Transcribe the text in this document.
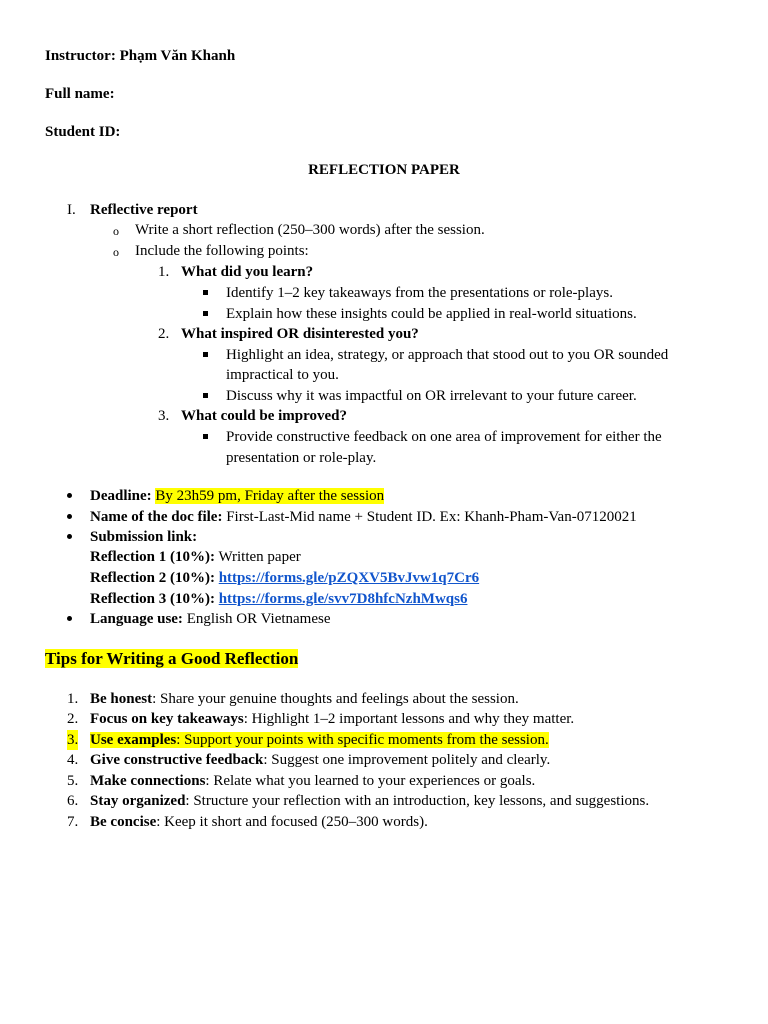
Instructor: Phạm Văn Khanh
Full name:
Student ID:
REFLECTION PAPER
I. Reflective report
o Write a short reflection (250–300 words) after the session.
o Include the following points:
1. What did you learn?
Identify 1–2 key takeaways from the presentations or role-plays.
Explain how these insights could be applied in real-world situations.
2. What inspired OR disinterested you?
Highlight an idea, strategy, or approach that stood out to you OR sounded
impractical to you.
Discuss why it was impactful on OR irrelevant to your future career.
3. What could be improved?
Provide constructive feedback on one area of improvement for either the
presentation or role-play.
Deadline: By 23h59 pm, Friday after the session
Name of the doc file: First-Last-Mid name + Student ID. Ex: Khanh-Pham-Van-07120021
Submission link:
Reflection 1 (10%): Written paper
Reflection 2 (10%): https://forms.gle/pZQXV5BvJvw1q7Cr6
Reflection 3 (10%): https://forms.gle/svv7D8hfcNzhMwqs6
Language use: English OR Vietnamese
Tips for Writing a Good Reflection
1. Be honest: Share your genuine thoughts and feelings about the session.
2. Focus on key takeaways: Highlight 1–2 important lessons and why they matter.
3. Use examples: Support your points with specific moments from the session.
4. Give constructive feedback: Suggest one improvement politely and clearly.
5. Make connections: Relate what you learned to your experiences or goals.
6. Stay organized: Structure your reflection with an introduction, key lessons, and suggestions.
7. Be concise: Keep it short and focused (250–300 words).
